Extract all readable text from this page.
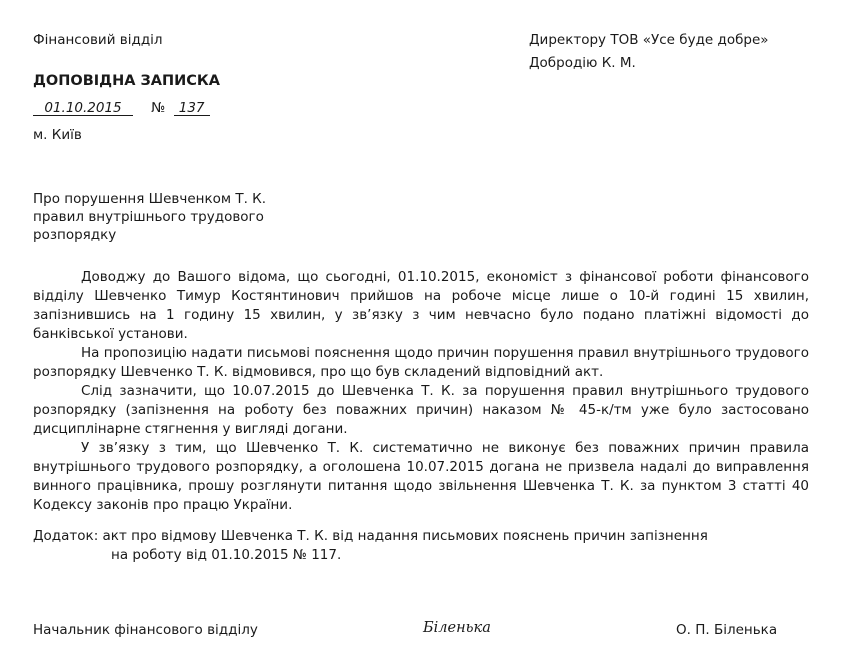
Фінансовий відділ	Директору ТОВ «Усе буде добре»
Добродію К. М.
ДОПОВІДНА ЗАПИСКА
01.10.2015 № 137
м. Київ
Про порушення Шевченком Т. К.
правил внутрішнього трудового
розпорядку

Доводжу до Вашого відома, що сьогодні, 01.10.2015, економіст з фінансової роботи фінансового відділу Шевченко Тимур Костянтинович прийшов на робоче місце лише о 10-й годині 15 хвилин, запізнившись на 1 годину 15 хвилин, у зв’язку з чим невчасно було подано платіжні відомості до банківської установи.

На пропозицію надати письмові пояснення щодо причин порушення правил внутрішнього трудового розпорядку Шевченко Т. К. відмовився, про що був складений відповідний акт.

Слід зазначити, що 10.07.2015 до Шевченка Т. К. за порушення правил внутрішнього трудового розпорядку (запізнення на роботу без поважних причин) наказом № 45-к/тм уже було застосовано дисциплінарне стягнення у вигляді догани.

У зв’язку з тим, що Шевченко Т. К. систематично не виконує без поважних причин правила внутрішнього трудового розпорядку, а оголошена 10.07.2015 догана не призвела надалі до виправлення винного працівника, прошу розглянути питання щодо звільнення Шевченка Т. К. за пунктом 3 статті 40 Кодексу законів про працю України.

Додаток: акт про відмову Шевченка Т. К. від надання письмових пояснень причин запізнення
на роботу від 01.10.2015 № 117.
Начальник фінансового відділу	Біленька	О. П. Біленька
